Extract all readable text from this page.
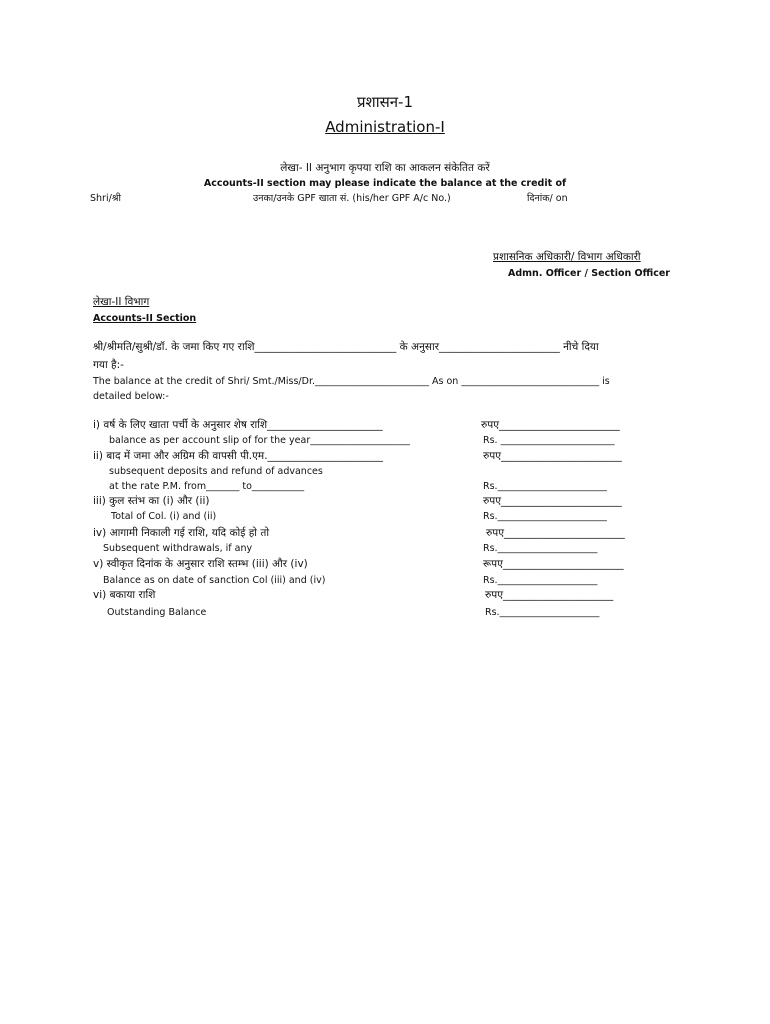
प्रशासन-1
Administration-I
लेखा- II अनुभाग कृपया राशि का आकलन संकेतित करें
Accounts-II section may please indicate the balance at the credit of
Shri/श्री	उनका/उनके GPF खाता सं. (his/her GPF A/c No.)	दिनांक/ on
प्रशासनिक अधिकारी/ विभाग अधिकारी
Admn. Officer / Section Officer
लेखा-II विभाग
Accounts-II Section
श्री/श्रीमति/सुश्री/डॉ. के जमा किए गए राशि___________________________ के अनुसार_______________________ नीचे दिया
गया है:-
The balance at the credit of Shri/ Smt./Miss/Dr.________________________ As on _____________________________ is
detailed below:-
i) वर्ष के लिए खाता पर्ची के अनुसार शेष राशि______________________
balance as per account slip of for the year_____________________
रुपए_______________________
Rs. ________________________
ii) बाद में जमा और अग्रिम की वापसी पी.एम.______________________
subsequent deposits and refund of advances
at the rate P.M. from_______ to___________
रुपए_______________________
Rs._______________________
iii) कुल स्तंभ का (i) और (ii)
Total of Col. (i) and (ii)
रुपए_______________________
Rs._______________________
iv) आगामी निकाली गई राशि, यदि कोई हो तो
Subsequent withdrawals, if any
रुपए_______________________
Rs._____________________
v) स्वीकृत दिनांक के अनुसार राशि स्तम्भ (iii) और (iv)
Balance as on date of sanction Col (iii) and (iv)
रूपए_______________________
Rs._____________________
vi) बकाया राशि
Outstanding Balance
रुपए_____________________
Rs._____________________
